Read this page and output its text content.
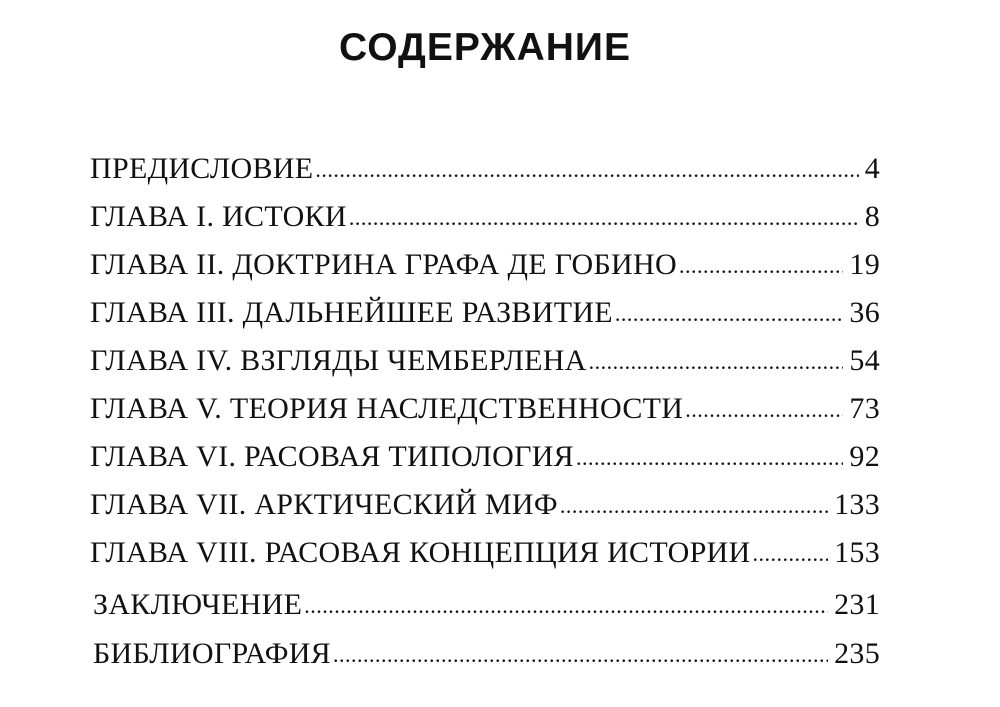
СОДЕРЖАНИЕ
ПРЕДИСЛОВИЕ .....	4
ГЛАВА I. ИСТОКИ .....	8
ГЛАВА II. ДОКТРИНА ГРАФА ДЕ ГОБИНО .....	19
ГЛАВА III. ДАЛЬНЕЙШЕЕ РАЗВИТИЕ .....	36
ГЛАВА IV. ВЗГЛЯДЫ ЧЕМБЕРЛЕНА .....	54
ГЛАВА V. ТЕОРИЯ НАСЛЕДСТВЕННОСТИ .....	73
ГЛАВА VI. РАСОВАЯ ТИПОЛОГИЯ .....	92
ГЛАВА VII. АРКТИЧЕСКИЙ МИФ .....	133
ГЛАВА VIII. РАСОВАЯ КОНЦЕПЦИЯ ИСТОРИИ .....	153
ЗАКЛЮЧЕНИЕ .....	231
БИБЛИОГРАФИЯ .....	235
